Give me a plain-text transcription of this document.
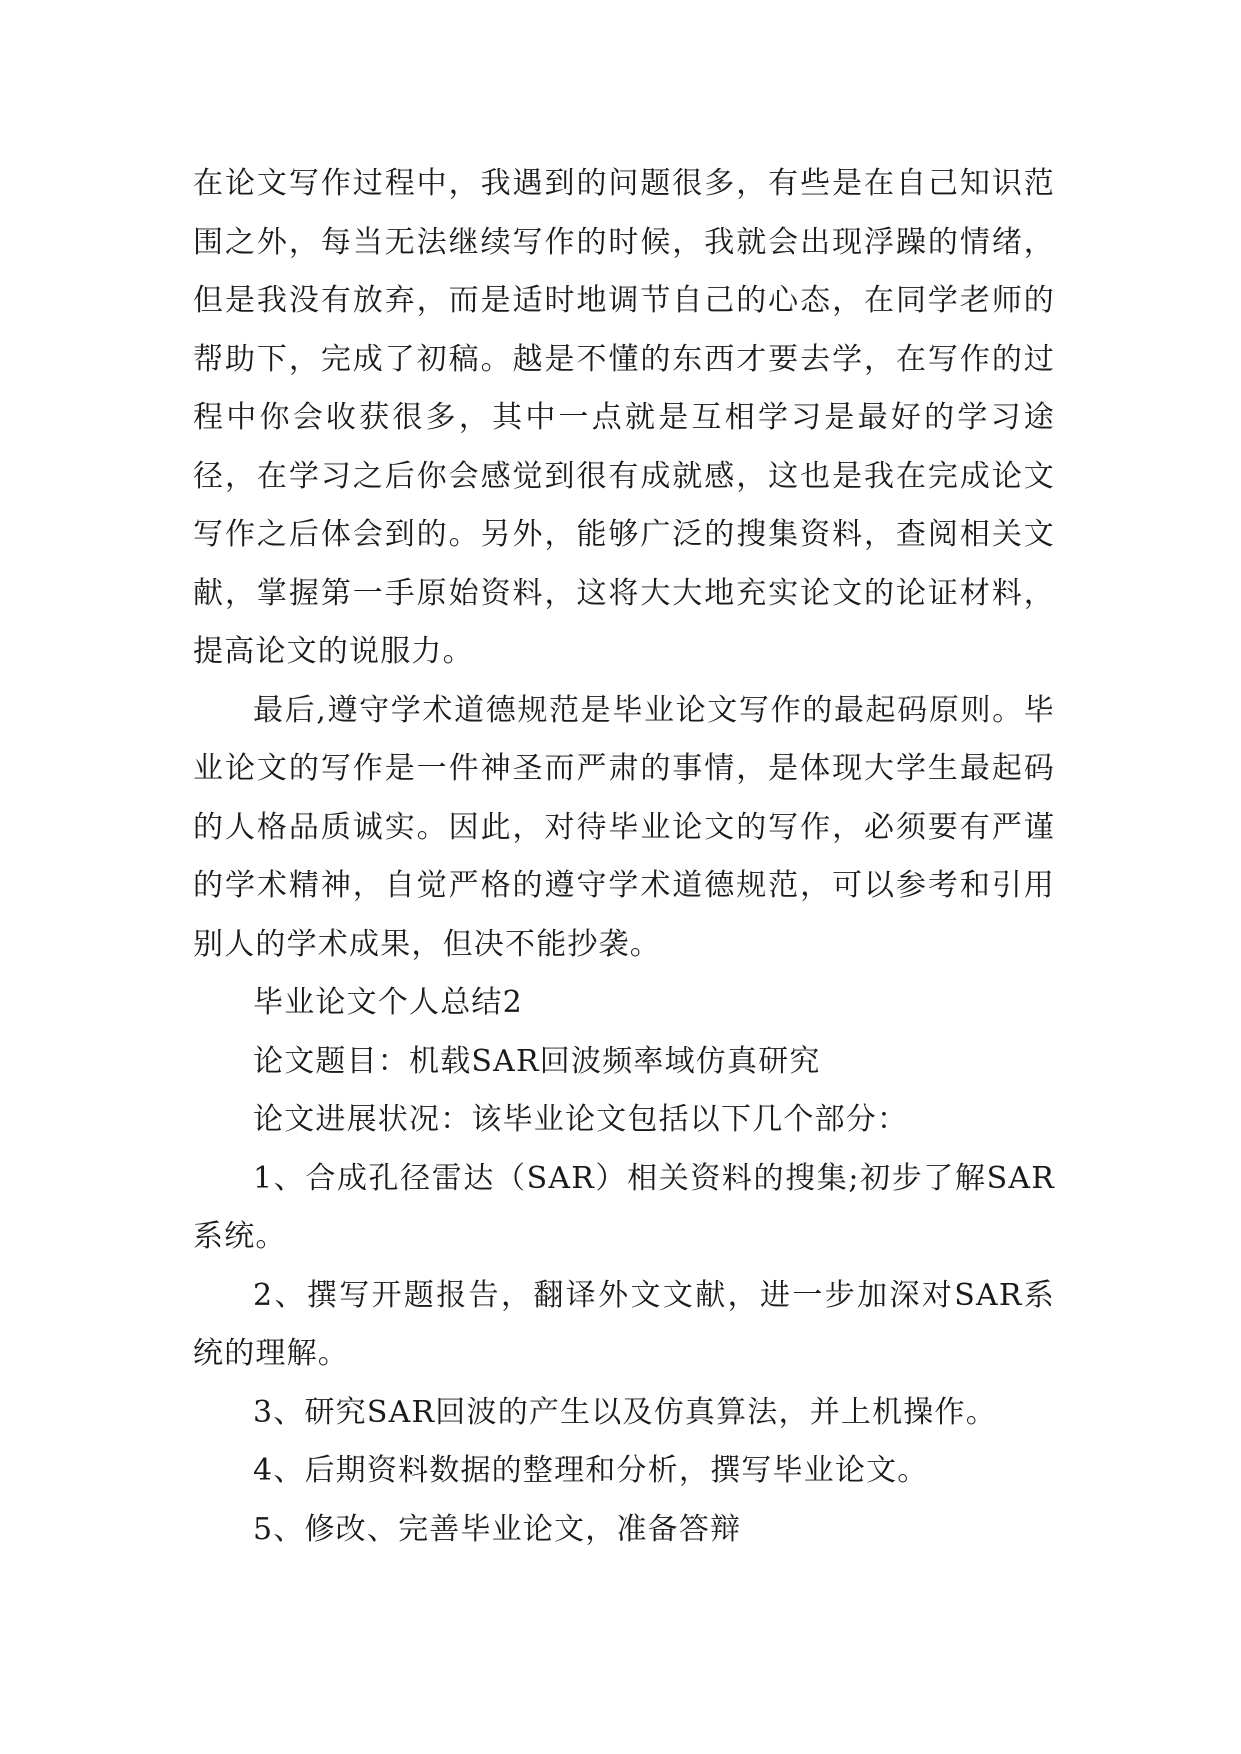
在论文写作过程中，我遇到的问题很多，有些是在自己知识范围之外，每当无法继续写作的时候，我就会出现浮躁的情绪，但是我没有放弃，而是适时地调节自己的心态，在同学老师的帮助下，完成了初稿。越是不懂的东西才要去学，在写作的过程中你会收获很多，其中一点就是互相学习是最好的学习途径，在学习之后你会感觉到很有成就感，这也是我在完成论文写作之后体会到的。另外，能够广泛的搜集资料，查阅相关文献，掌握第一手原始资料，这将大大地充实论文的论证材料，提高论文的说服力。

最后,遵守学术道德规范是毕业论文写作的最起码原则。毕业论文的写作是一件神圣而严肃的事情，是体现大学生最起码的人格品质诚实。因此，对待毕业论文的写作，必须要有严谨的学术精神，自觉严格的遵守学术道德规范，可以参考和引用别人的学术成果，但决不能抄袭。

毕业论文个人总结2

论文题目：机载SAR回波频率域仿真研究

论文进展状况：该毕业论文包括以下几个部分：

1、合成孔径雷达（SAR）相关资料的搜集;初步了解SAR系统。

2、撰写开题报告，翻译外文文献，进一步加深对SAR系统的理解。

3、研究SAR回波的产生以及仿真算法，并上机操作。

4、后期资料数据的整理和分析，撰写毕业论文。

5、修改、完善毕业论文，准备答辩
